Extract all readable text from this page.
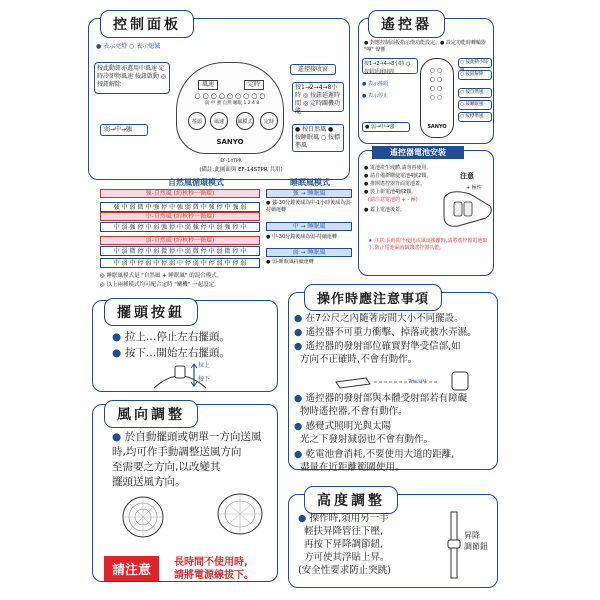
控制面板
● 表示亮燈 ○ 表示熄滅
按此動鈕亦選用中風速 定時冷卻物風速 按鈕啟動 ◎ 按鈕解除
遙控接收窗
風速	定時
○○○○○○○○○
弱 中 強 自然 睡眠 1 2 4 8
搖頭	風速	風模式	定時
SANYO
EF-14TPR
按1→2→4→8小時 ◎ 按鈕延遲時間 ◎ 定時關機功能
弱→中→強	● 按自然風 ● 按睡眠風 ○ 按標準風
(備註:此圖面與 EF-14STPR 共用)
遙控器
● 對應控制面板指示燈功能設定。● 設定功能時轉輪器 "嗶" 聲響
按1→2→4→8小時 ○ 按鈕延遲時間
● 表示搖頭
● 表示停止
● 弱→中→強
○○
○○
○○
○○
SANYO
○ 按此動小時鐘
○ 按鈕解除
○ 按自然風
○ 按睡眠風
○ 按標準風
遙控器電池安裝
● 電池產生液體,請勿再使用。
● 請自備新購使電池4號2顆。
● 推開遙控器背面電池蓋。
● 裝上新電池4號2顆。
(請注意電池的 + - 極)
● 蓋上電池後蓋。
注意
+ 極性
★ 注意:長時間不使用或風扇搬離時,請將遙控器電池取下,防止電池漏液破壞遙控器功能。
自然風循環模式
強-自然風 (約秋秒一循環)
強 中 弱 微 中 強 停 中 強 弱 微 中 強 停 中 強 弱
中 弱 強 停 中 弱 強 停 中 弱 強 停 中 弱 強 停 中
中-自然風 (約秋秒一循環)
弱-自然風 (約秋秒一循環)
中 弱 微 停 中 弱 微 停 中 弱 微 停 中 弱 微 停 中
中 弱 中 停 弱 中 停 弱 中 停 弱 中 停 弱 中 停 弱
睡眠風模式
強 → 睡眠風
● 強-30分鐘後減為中-1小時後減為弱-持續運轉
中 → 睡眠風
● 中-30分鐘後減為弱-持續運轉
弱 → 睡眠風
● 弱-睡眠風持續運轉
◎ 睡眠風模式是 "自然風 + 睡眠風" 的混合模式。
◎ 以上兩種模式均可配合定時 "關機" 一起設定。
擺頭按鈕
● 拉上…停止左右擺頭。
● 按下…開始左右擺頭。
拉上
按下
風向調整
● 於自動擺頭或朝單一方向送風
時,均可作手動調整送風方向
至需要之方向,以改變其
擺頭送風方向。
請注意
長時間不使用時,
請將電源線拔下。
操作時應注意事項
● 在7公尺之內隨著房間大小不同擺設。
● 遙控器不可重力衝擊、掉落或被水弄濕。
● 遙控器的發射部位確實對準受信部,如
方向不正確時,不會有動作。
7m以內
● 遙控器的發射部與本體受射部若有障礙
物時遙控器,不會有動作。
● 感覺式照明光與太陽
光之下發射減弱也不會有動作。
● 乾電池會消耗,不要使用大道的距離,
盡量在近距離範圍使用。
高度調整
● 操作時,須用另一手
輕扶昇降管往下壓,
再按下昇降調節鈕,
方可使其浮貼上昇。
(安全性要求防止突跳)
昇降
調節鈕
